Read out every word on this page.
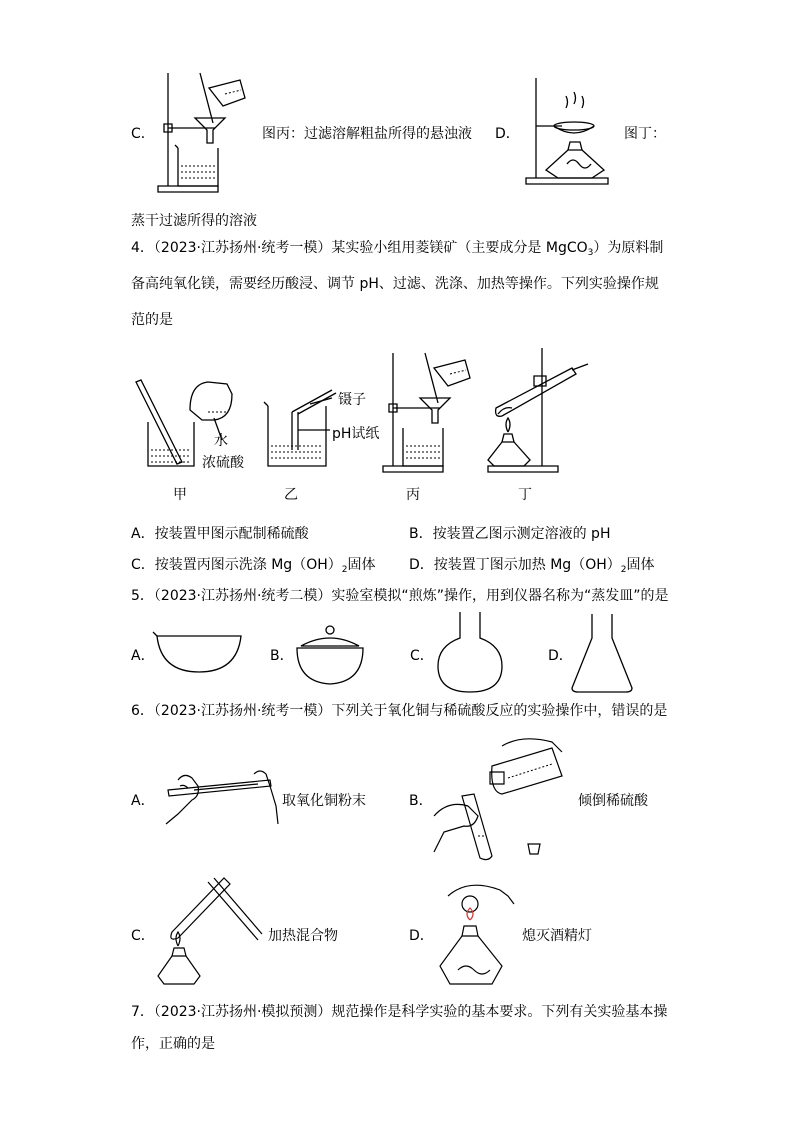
C．	图丙：过滤溶解粗盐所得的悬浊液 D．	图丁：
蒸干过滤所得的溶液
4．（2023·江苏扬州·统考一模）某实验小组用菱镁矿（主要成分是 MgCO$_3$）为原料制
备高纯氧化镁，需要经历酸浸、调节 pH、过滤、洗涤、加热等操作。下列实验操作规
范的是
水
浓硫酸
甲
镊子
pH试纸
乙	丙	丁
A．按装置甲图示配制稀硫酸	B．按装置乙图示测定溶液的 pH
C．按装置丙图示洗涤 $Mg(OH)_2$固体 D．按装置丁图示加热 $Mg(OH)_2$固体
5．（2023·江苏扬州·统考二模）实验室模拟“煎炼”操作，用到仪器名称为“蒸发皿”的是
A．	B．	C．	D．
6．（2023·江苏扬州·统考一模）下列关于氧化铜与稀硫酸反应的实验操作中，错误的是
A．	取氧化铜粉末	B．	倾倒稀硫酸
C．	加热混合物	D．	熄灭酒精灯
7．（2023·江苏扬州·模拟预测）规范操作是科学实验的基本要求。下列有关实验基本操
作，正确的是
